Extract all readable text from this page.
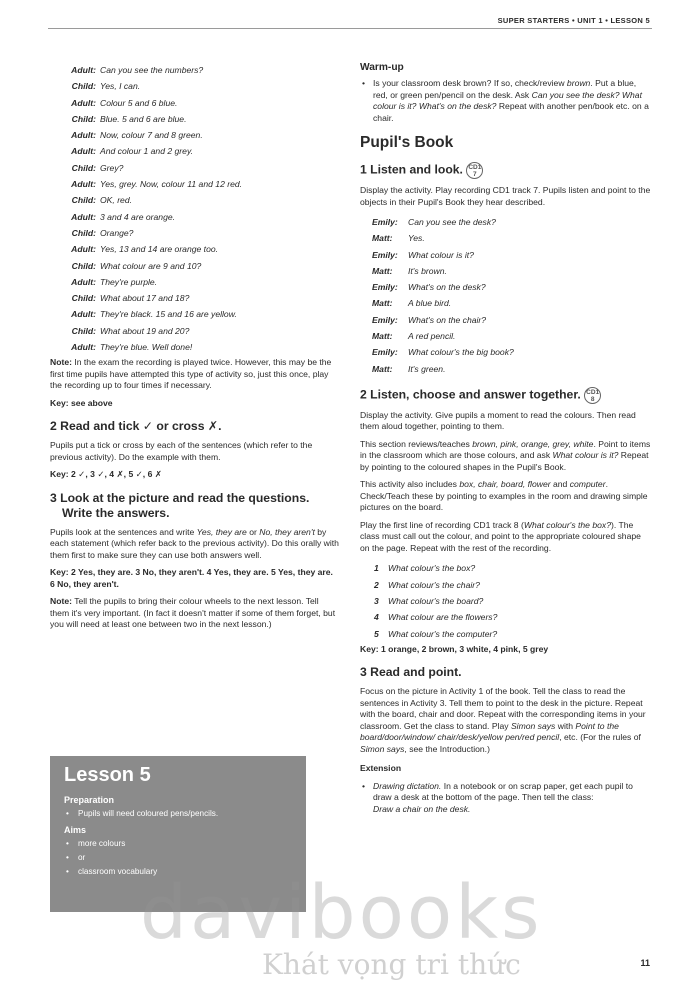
SUPER STARTERS • UNIT 1 • LESSON 5
Adult: Can you see the numbers?
Child: Yes, I can.
Adult: Colour 5 and 6 blue.
Child: Blue. 5 and 6 are blue.
Adult: Now, colour 7 and 8 green.
Adult: And colour 1 and 2 grey.
Child: Grey?
Adult: Yes, grey. Now, colour 11 and 12 red.
Child: OK, red.
Adult: 3 and 4 are orange.
Child: Orange?
Adult: Yes, 13 and 14 are orange too.
Child: What colour are 9 and 10?
Adult: They're purple.
Child: What about 17 and 18?
Adult: They're black. 15 and 16 are yellow.
Child: What about 19 and 20?
Adult: They're blue. Well done!

Note: In the exam the recording is played twice. However, this may be the first time pupils have attempted this type of activity so, just this once, play the recording up to four times if necessary.

Key: see above

2 Read and tick ✓ or cross ✗.

Pupils put a tick or cross by each of the sentences (which refer to the previous activity). Do the example with them.

Key: 2 ✓, 3 ✓, 4 ✗, 5 ✓, 6 ✗

3 Look at the picture and read the questions. Write the answers.

Pupils look at the sentences and write Yes, they are or No, they aren't by each statement (which refer back to the previous activity). Do this orally with them first to make sure they can use both answers well.

Key: 2 Yes, they are. 3 No, they aren't. 4 Yes, they are. 5 Yes, they are. 6 No, they aren't.

Note: Tell the pupils to bring their colour wheels to the next lesson. Tell them it's very important. (In fact it doesn't matter if some of them forget, but you will need at least one between two in the next lesson.)

Lesson 5
Preparation
• Pupils will need coloured pens/pencils.
Aims
• more colours
• or
• classroom vocabulary
Warm-up

• Is your classroom desk brown? If so, check/review brown. Put a blue, red, or green pen/pencil on the desk. Ask Can you see the desk? What colour is it? What's on the desk? Repeat with another pen/book etc. on a chair.

Pupil's Book
1 Listen and look. CD1
7

Display the activity. Play recording CD1 track 7. Pupils listen and point to the objects in their Pupil's Book they hear described.

Emily: Can you see the desk?
Matt: Yes.
Emily: What colour is it?
Matt: It's brown.
Emily: What's on the desk?
Matt: A blue bird.
Emily: What's on the chair?
Matt: A red pencil.
Emily: What colour's the big book?
Matt: It's green.
2 Listen, choose and answer together. CD1
8

Display the activity. Give pupils a moment to read the colours. Then read them aloud together, pointing to them.

This section reviews/teaches brown, pink, orange, grey, white. Point to items in the classroom which are those colours, and ask What colour is it? Repeat by pointing to the coloured shapes in the Pupil's Book.

This activity also includes box, chair, board, flower and computer. Check/Teach these by pointing to examples in the room and drawing simple pictures on the board.

Play the first line of recording CD1 track 8 (What colour's the box?). The class must call out the colour, and point to the appropriate coloured shape on the page. Repeat with the rest of the recording.

1 What colour's the box?
2 What colour's the chair?
3 What colour's the board?
4 What colour are the flowers?
5 What colour's the computer?

Key: 1 orange, 2 brown, 3 white, 4 pink, 5 grey

3 Read and point.

Focus on the picture in Activity 1 of the book. Tell the class to read the sentences in Activity 3. Tell them to point to the desk in the picture. Repeat with the board, chair and door. Repeat with the corresponding items in your classroom. Get the class to stand. Play Simon says with Point to the board/door/window/ chair/desk/yellow pen/red pencil, etc. (For the rules of Simon says, see the Introduction.)

Extension

• Drawing dictation. In a notebook or on scrap paper, get each pupil to draw a desk at the bottom of the page. Then tell the class:
Draw a chair on the desk.

11
davibooks
Khát vọng tri thức
